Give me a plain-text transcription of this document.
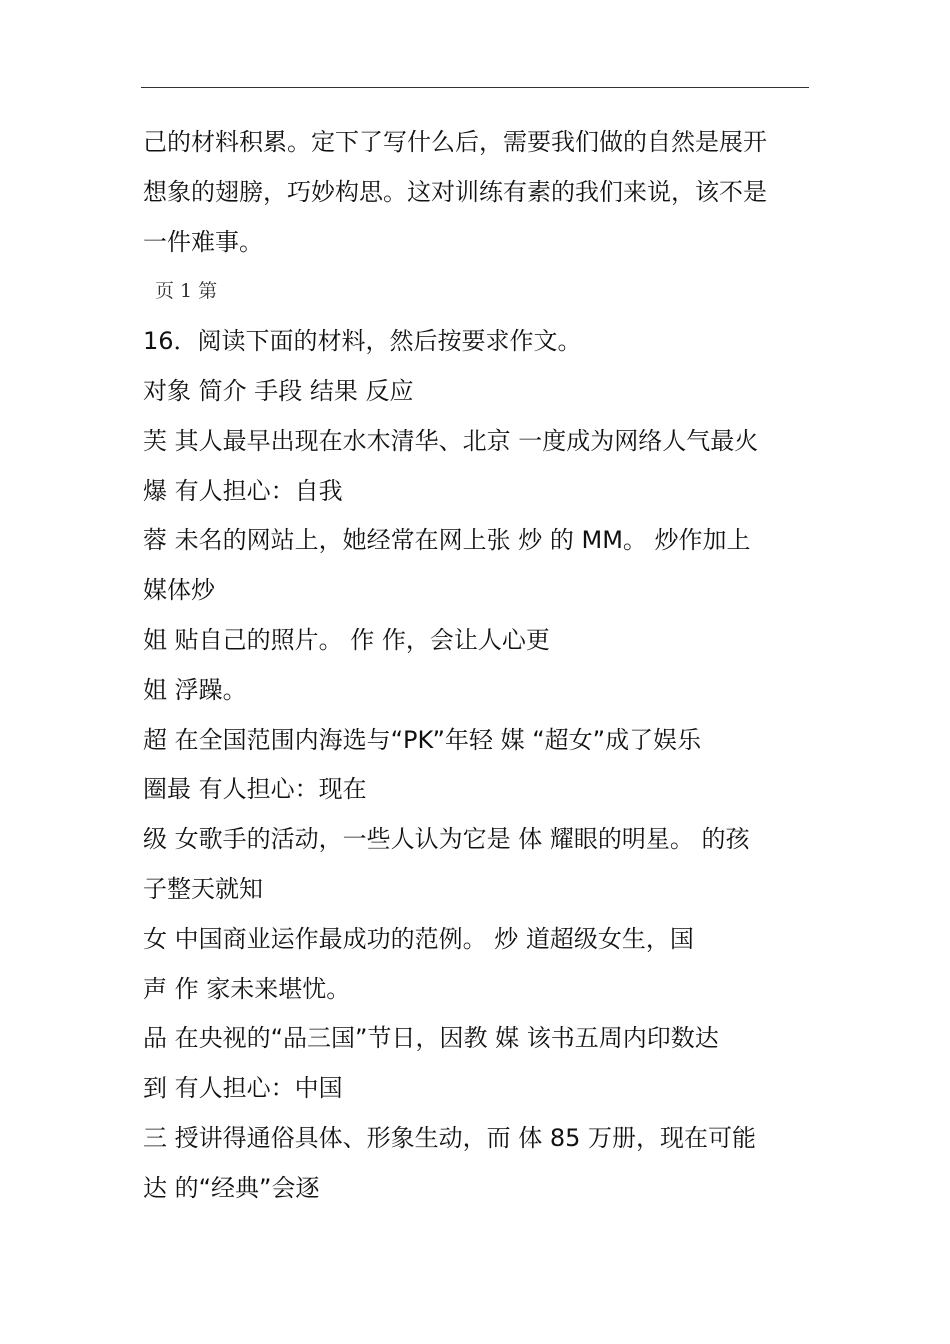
己的材料积累。定下了写什么后，需要我们做的自然是展开
想象的翅膀，巧妙构思。这对训练有素的我们来说，该不是
一件难事。
页 1 第
16．阅读下面的材料，然后按要求作文。
对象 简介 手段 结果 反应
芙 其人最早出现在水木清华、北京 一度成为网络人气最火
爆 有人担心：自我
蓉 未名的网站上，她经常在网上张 炒 的 MM。 炒作加上
媒体炒
姐 贴自己的照片。 作 作，会让人心更
姐 浮躁。
超 在全国范围内海选与“PK”年轻 媒 “超女”成了娱乐
圈最 有人担心：现在
级 女歌手的活动，一些人认为它是 体 耀眼的明星。 的孩
子整天就知
女 中国商业运作最成功的范例。 炒 道超级女生，国
声 作 家未来堪忧。
品 在央视的“品三国”节日，因教 媒 该书五周内印数达
到 有人担心：中国
三 授讲得通俗具体、形象生动，而 体 85 万册，现在可能
达 的“经典”会逐
